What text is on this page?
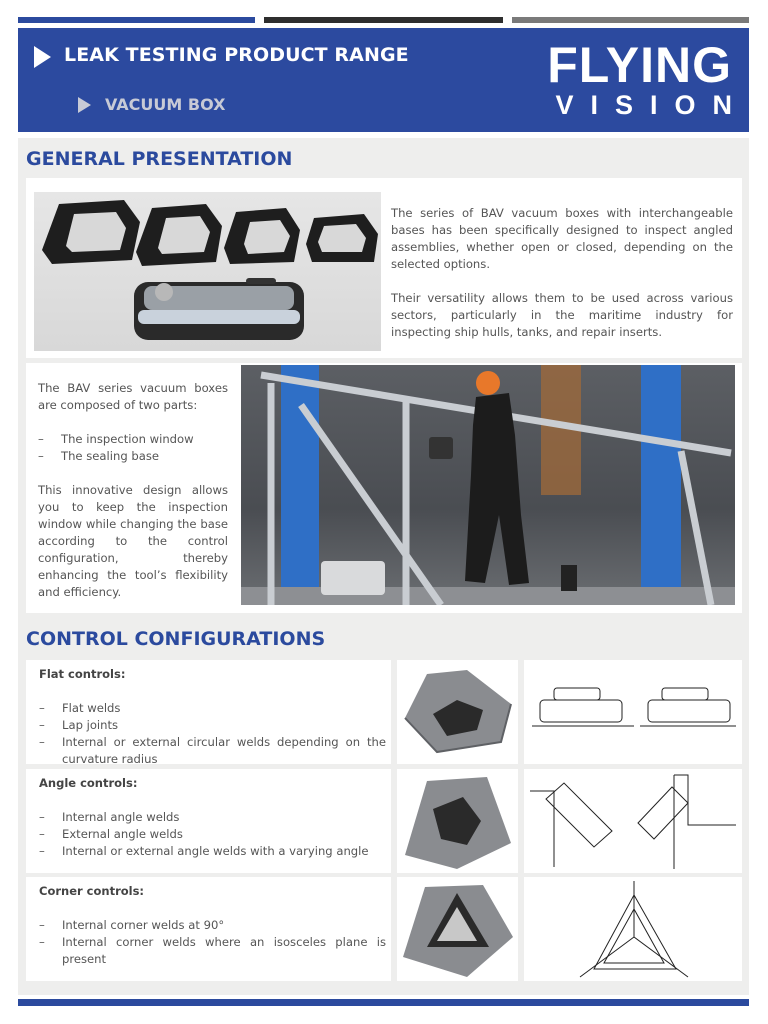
LEAK TESTING PRODUCT RANGE
VACUUM BOX
FLYING
VISION
GENERAL PRESENTATION

The series of BAV vacuum boxes with interchangeable bases has been specifically designed to inspect angled assemblies, whether open or closed, depending on the selected options.

Their versatility allows them to be used across various sectors, particularly in the maritime industry for inspecting ship hulls, tanks, and repair inserts.

The BAV series vacuum boxes are composed of two parts:

– The inspection window
– The sealing base

This innovative design allows you to keep the inspection window while changing the base according to the control configuration, thereby enhancing the tool’s flexibility and efficiency.

CONTROL CONFIGURATIONS
Flat controls:
– Flat welds
– Lap joints
– Internal or external circular welds depending on the curvature radius
Angle controls:
– Internal angle welds
– External angle welds
– Internal or external angle welds with a varying angle
Corner controls:
– Internal corner welds at 90°
– Internal corner welds where an isosceles plane is present
